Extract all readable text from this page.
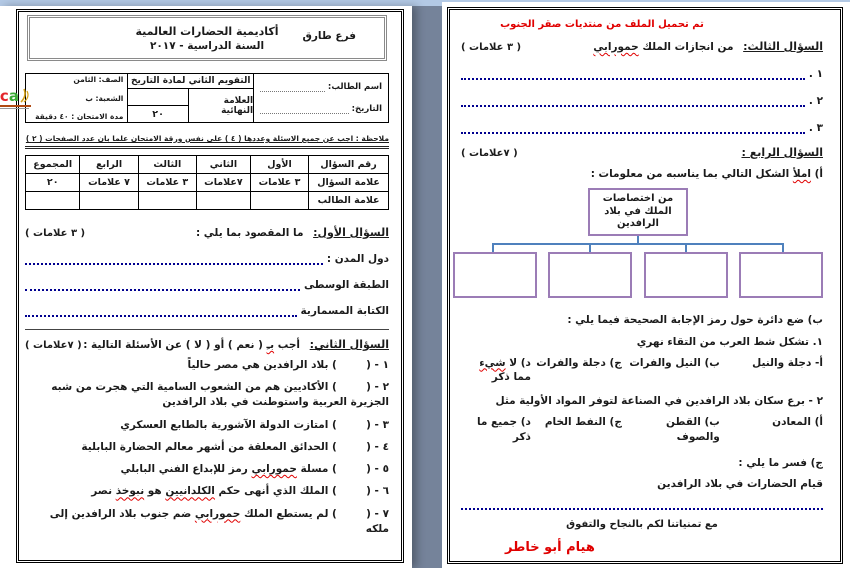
أكاديمية الحضارات العالمية
السنة الدراسية - ٢٠١٧
فرع طارق
اسم الطالب:
التاريخ:
التقويم الثاني لمادة التاريخ
العلامة النهائية
٢٠
الصف: الثامن
الشعبة: ب
مدة الامتحان : ٤٠ دقيقة
c a
ملاحظة : اجب عن جميع الاسئلة وعددها ( ٤ ) على نفس ورقة الامتحان علما بان عدد الصفحات ( ٢ )
رقم السؤال	الأول	الثاني	الثالث	الرابع	المجموع
علامة السؤال	٣ علامات	٧علامات	٣ علامات	٧ علامات	٢٠
علامة الطالب					
السؤال الأول: ما المقصود بما يلي :
( ٣ علامات )
دول المدن :
الطبقة الوسطى
الكتابة المسمارية
السؤال الثاني: أجب بـِ ( نعم ) أو ( لا ) عن الأسئلة التالية :
( ٧علامات )
١ - (        ) بلاد الرافدين هي مصر حالياً
٢ - (        ) الأكاديين هم من الشعوب السامية التي هجرت من شبه الجزيرة العربية واستوطنت في بلاد الرافدين
٣ - (        ) امتازت الدولة الآشورية بالطابع العسكري
٤ - (        ) الحدائق المعلقة من أشهر معالم الحضارة البابلية
٥ - (        ) مسلة حمورابي رمز للإبداع الفني البابلي
٦ - (        ) الملك الذي أنهى حكم الكلدانيين هو نبوخذ نصر
٧ - (        ) لم يستطع الملك حمورابي ضم جنوب بلاد الرافدين إلى ملكه
تم تحميل الملف من منتديات صقر الجنوب
السؤال الثالث: من انجازات الملك حمورابي
( ٣ علامات )
١ .
٢ .
٣ .
السؤال الرابع :
( ٧علامات )
أ) املأ الشكل التالي بما يناسبه من معلومات :
من اختصاصات الملك في بلاد الرافدين
ب) ضع دائرة حول رمز الإجابة الصحيحة فيما يلي :
١. تشكل شط العرب من التقاء نهري
أ- دجلة والنيل
ب) النيل والفرات
ج) دجلة والفرات
د) لا شيء مما ذكر
٢ - برع سكان بلاد الرافدين في الصناعة لتوفر المواد الأولية مثل
أ) المعادن
ب) القطن والصوف
ج) النفط الخام
د) جميع ما ذكر
ج) فسر ما يلي :
قيام الحضارات في بلاد الرافدين
مع تمنياتنا لكم بالنجاح والتفوق
هيام أبو خاطر
